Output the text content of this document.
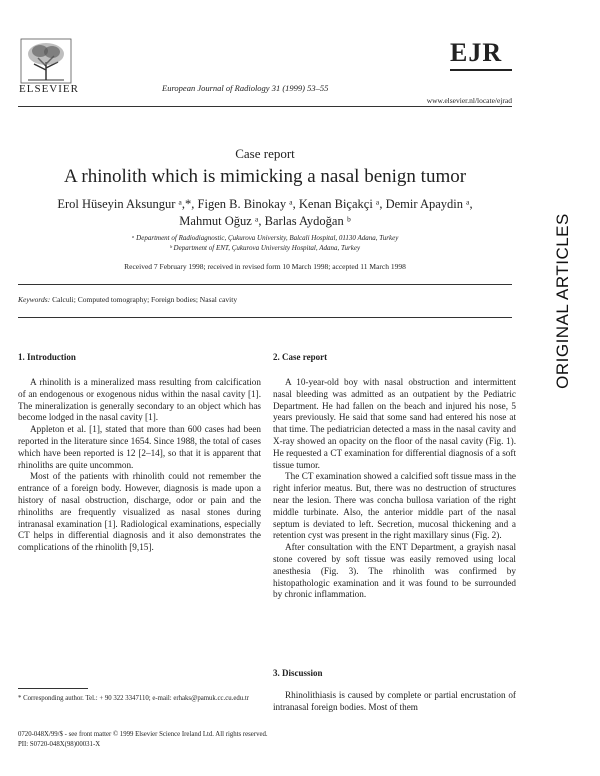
ELSEVIER	European Journal of Radiology 31 (1999) 53–55
EJR
www.elsevier.nl/locate/ejrad
Case report
A rhinolith which is mimicking a nasal benign tumor
Erol Hüseyin Aksungur ᵃ,*, Figen B. Binokay ᵃ, Kenan Biçakçi ᵃ, Demir Apaydin ᵃ,
Mahmut Oğuz ᵃ, Barlas Aydoğan ᵇ
ᵃ Department of Radiodiagnostic, Çukurova University, Balcali Hospital, 01130 Adana, Turkey
ᵇ Department of ENT, Çukurova University Hospital, Adana, Turkey
Received 7 February 1998; received in revised form 10 March 1998; accepted 11 March 1998
Keywords: Calculi; Computed tomography; Foreign bodies; Nasal cavity	ORIGINAL ARTICLES
1. Introduction

A rhinolith is a mineralized mass resulting from calcification of an endogenous or exogenous nidus within the nasal cavity [1]. The mineralization is generally secondary to an object which has become lodged in the nasal cavity [1].

Appleton et al. [1], stated that more than 600 cases had been reported in the literature since 1654. Since 1988, the total of cases which have been reported is 12 [2–14], so that it is apparent that rhinoliths are quite uncommon.

Most of the patients with rhinolith could not remember the entrance of a foreign body. However, diagnosis is made upon a history of nasal obstruction, discharge, odor or pain and the rhinoliths are frequently visualized as nasal stones during intranasal examination [1]. Radiological examinations, especially CT helps in differential diagnosis and it also demonstrates the complications of the rhinolith [9,15].

2. Case report

A 10-year-old boy with nasal obstruction and intermittent nasal bleeding was admitted as an outpatient by the Pediatric Department. He had fallen on the beach and injured his nose, 5 years previously. He said that some sand had entered his nose at that time. The pediatrician detected a mass in the nasal cavity and X-ray showed an opacity on the floor of the nasal cavity (Fig. 1). He requested a CT examination for differential diagnosis of a soft tissue tumor.

The CT examination showed a calcified soft tissue mass in the right inferior meatus. But, there was no destruction of structures near the lesion. There was concha bullosa variation of the right middle turbinate. Also, the anterior middle part of the nasal septum is deviated to left. Secretion, mucosal thickening and a retention cyst was present in the right maxillary sinus (Fig. 2).

After consultation with the ENT Department, a grayish nasal stone covered by soft tissue was easily removed using local anesthesia (Fig. 3). The rhinolith was confirmed by histopathologic examination and it was found to be surrounded by chronic inflammation.

3. Discussion

Rhinolithiasis is caused by complete or partial encrustation of intranasal foreign bodies. Most of them

* Corresponding author. Tel.: + 90 322 3347110; e-mail: erhaks@pamuk.cc.cu.edu.tr
0720-048X/99/$ - see front matter © 1999 Elsevier Science Ireland Ltd. All rights reserved.
PII: S0720-048X(98)00031-X
